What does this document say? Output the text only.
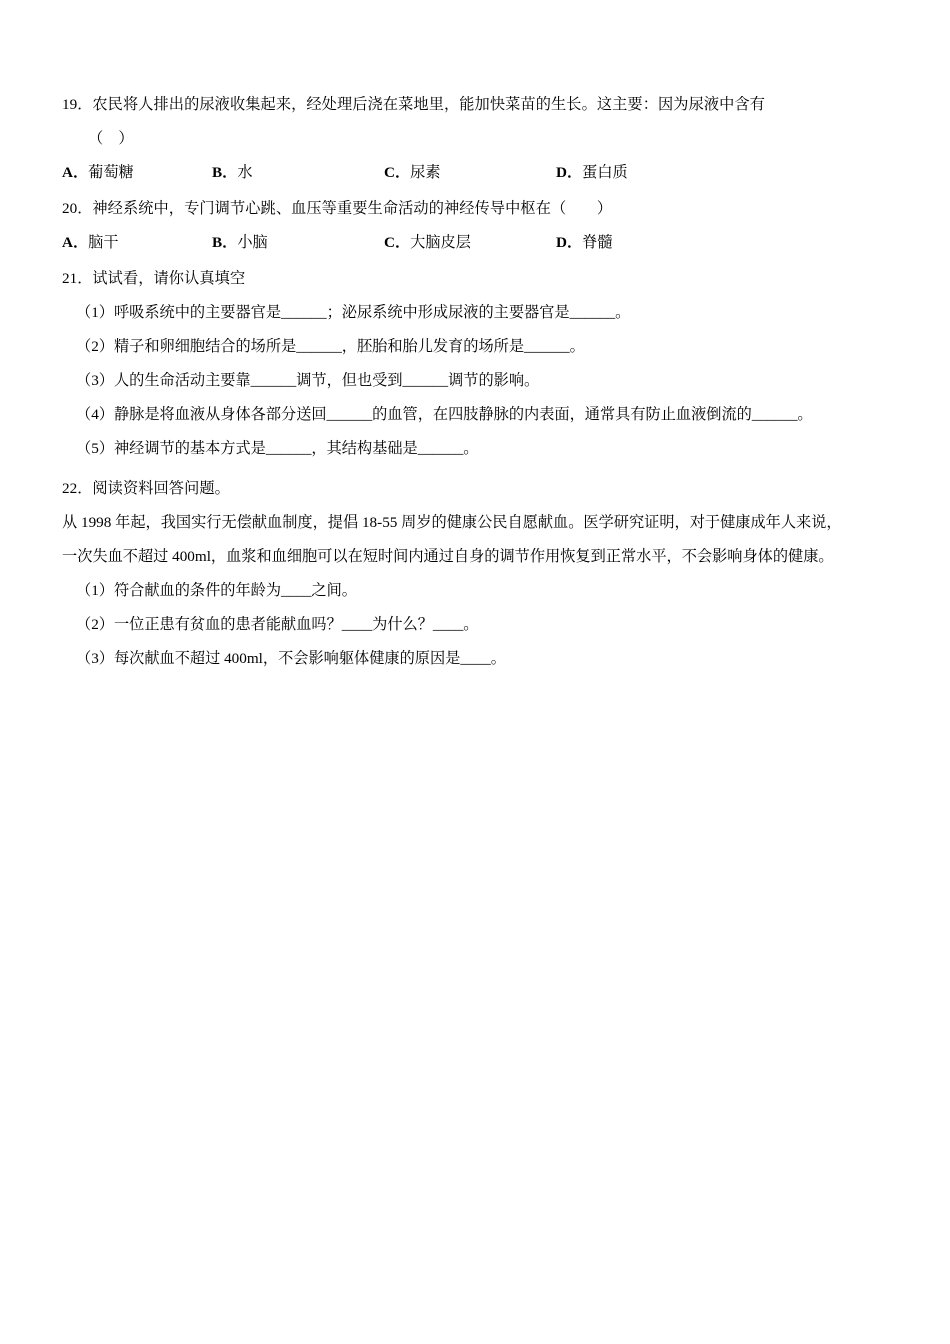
19．农民将人排出的尿液收集起来，经处理后浇在菜地里，能加快菜苗的生长。这主要：因为尿液中含有
（　）
A．葡萄糖	B．水	C．尿素	D．蛋白质
20．神经系统中，专门调节心跳、血压等重要生命活动的神经传导中枢在（　　）
A．脑干	B．小脑	C．大脑皮层	D．脊髓
21．试试看，请你认真填空
（1）呼吸系统中的主要器官是______；泌尿系统中形成尿液的主要器官是______。
（2）精子和卵细胞结合的场所是______，胚胎和胎儿发育的场所是______。
（3）人的生命活动主要靠______调节，但也受到______调节的影响。
（4）静脉是将血液从身体各部分送回______的血管，在四肢静脉的内表面，通常具有防止血液倒流的______。
（5）神经调节的基本方式是______，其结构基础是______。
22．阅读资料回答问题。
从 1998 年起，我国实行无偿献血制度，提倡 18-55 周岁的健康公民自愿献血。医学研究证明，对于健康成年人来说，
一次失血不超过 400ml，血浆和血细胞可以在短时间内通过自身的调节作用恢复到正常水平，不会影响身体的健康。
（1）符合献血的条件的年龄为____之间。
（2）一位正患有贫血的患者能献血吗？____为什么？____。
（3）每次献血不超过 400ml，不会影响躯体健康的原因是____。
